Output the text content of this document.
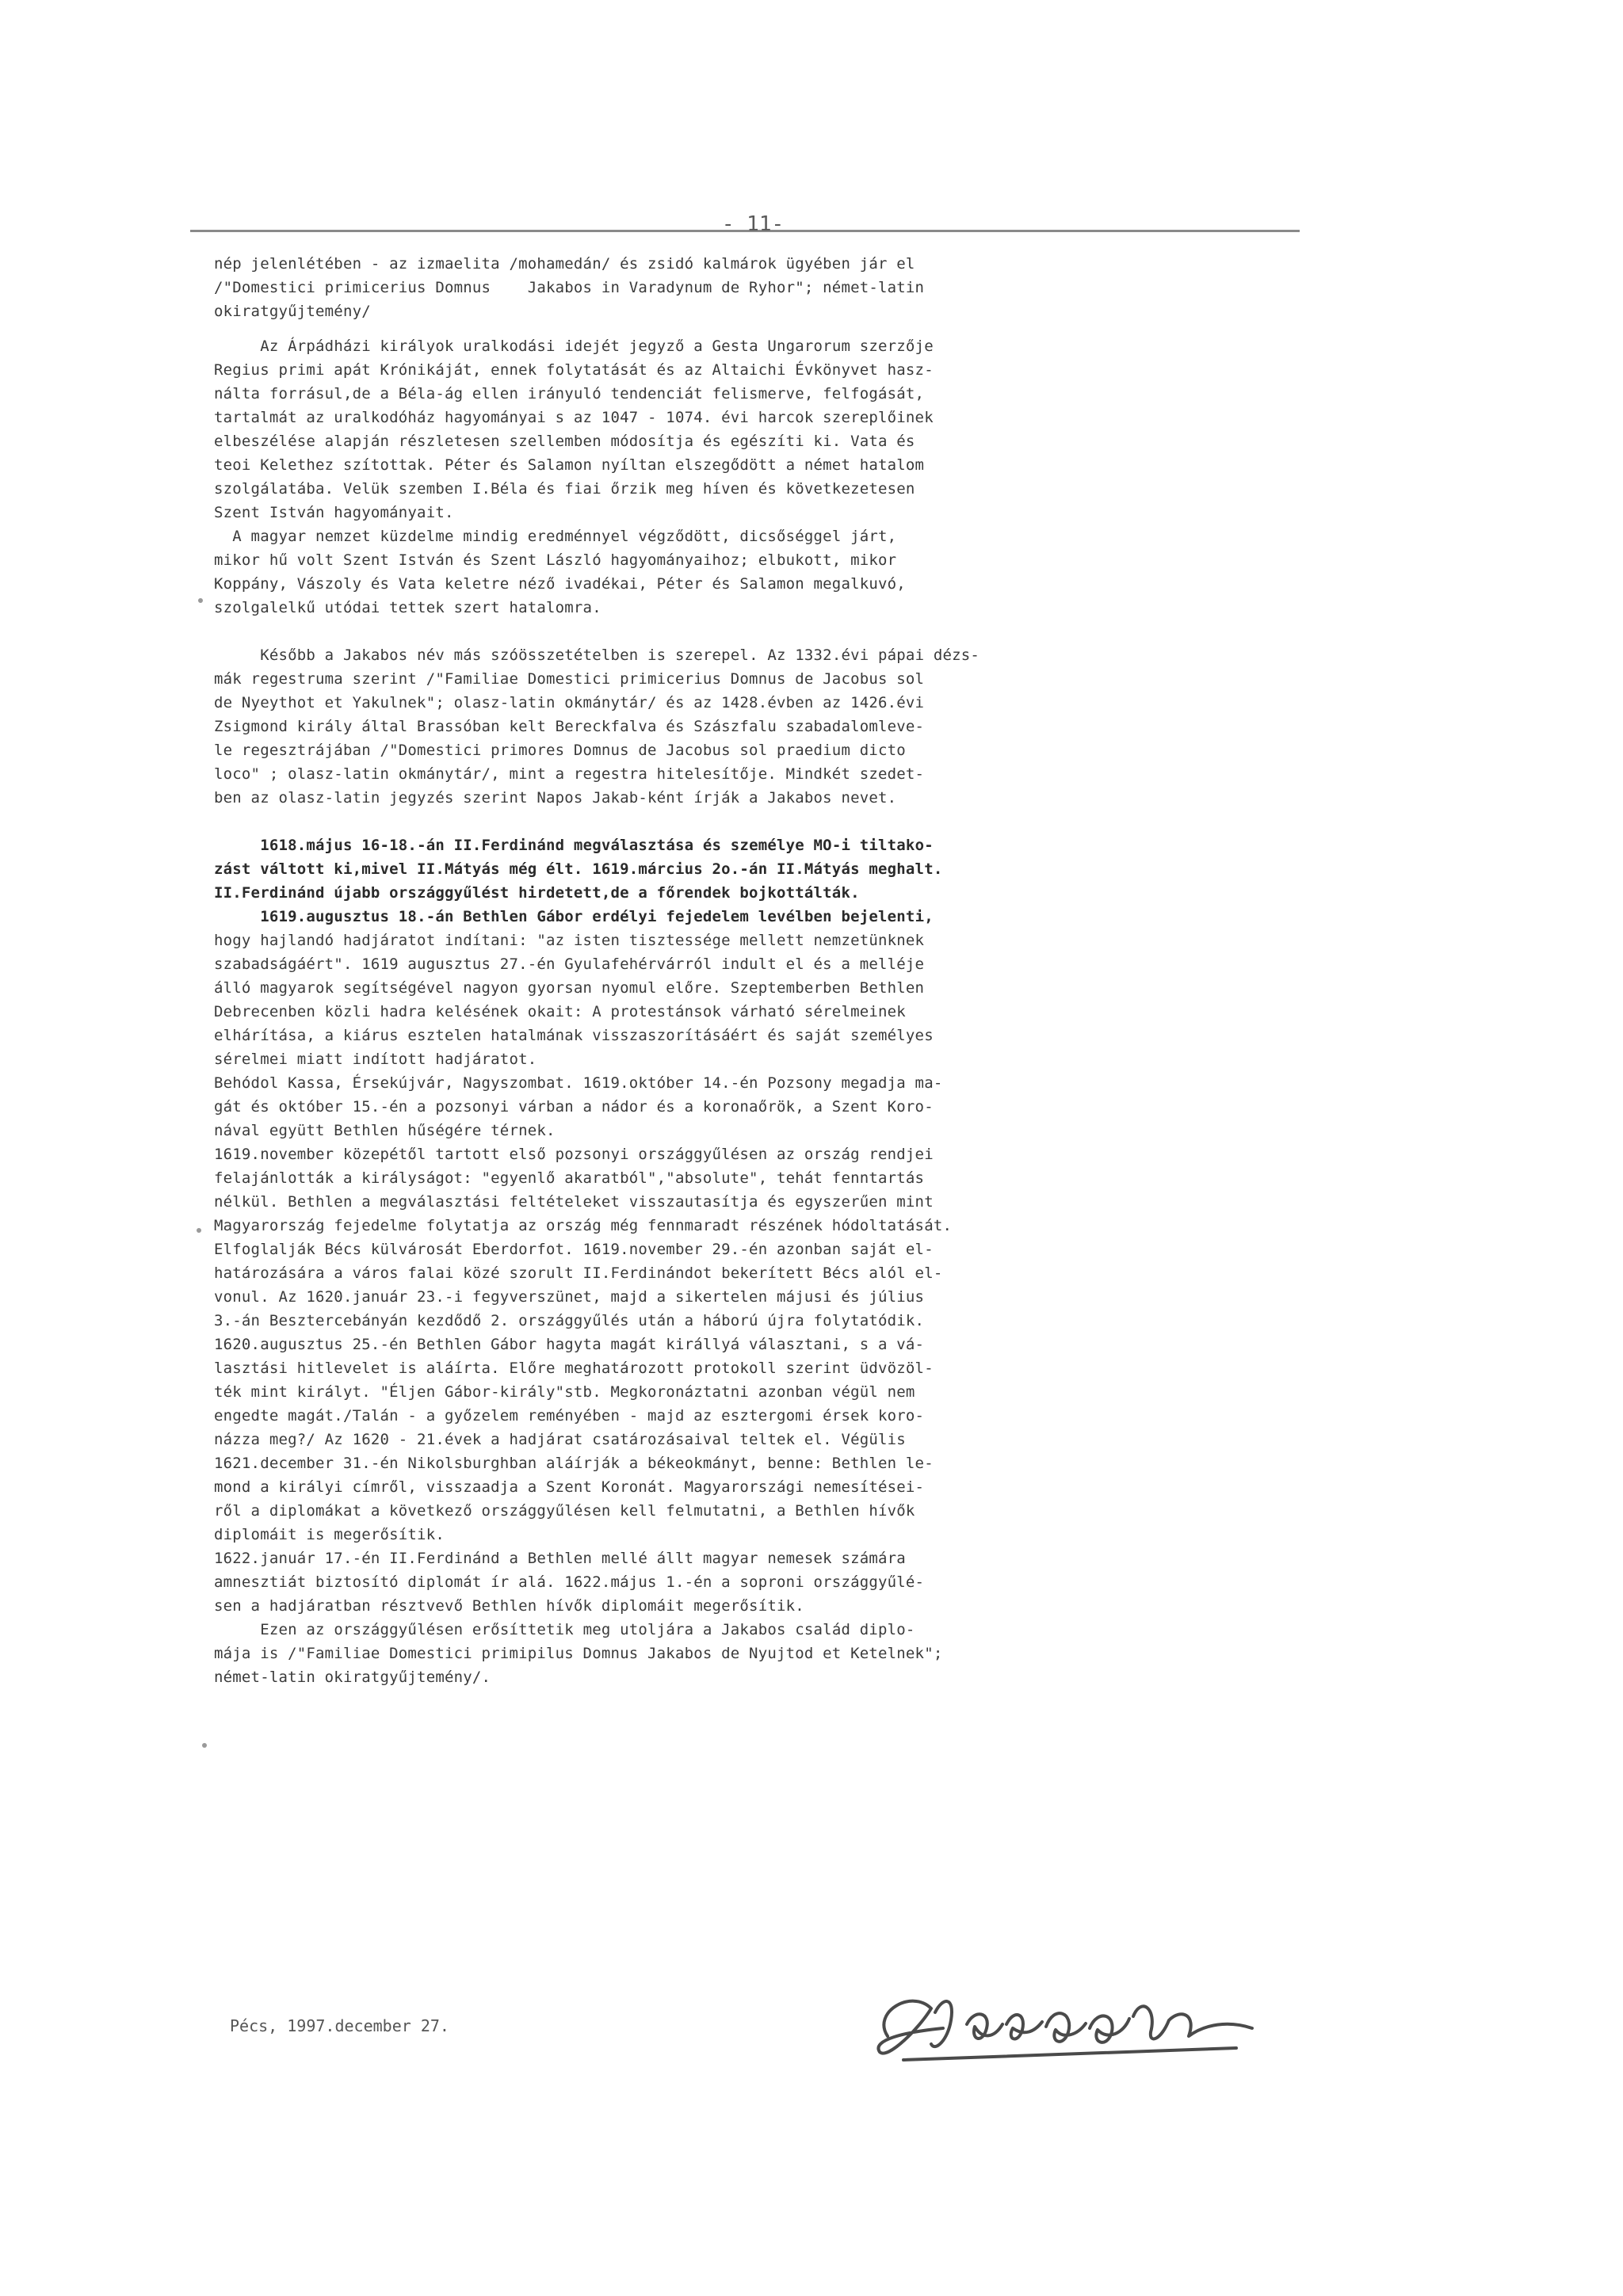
- 11-

nép jelenlétében - az izmaelita /mohamedán/ és zsidó kalmárok ügyében jár el

/"Domestici primicerius Domnus    Jakabos in Varadynum de Ryhor"; német-latin

okiratgyűjtemény/

Az Árpádházi királyok uralkodási idejét jegyző a Gesta Ungarorum szerzője

Regius primi apát Krónikáját, ennek folytatását és az Altaichi Évkönyvet hasz-

nálta forrásul,de a Béla-ág ellen irányuló tendenciát felismerve, felfogását,

tartalmát az uralkodóház hagyományai s az 1047 - 1074. évi harcok szereplőinek

elbeszélése alapján részletesen szellemben módosítja és egészíti ki. Vata és

teoi Kelethez szítottak. Péter és Salamon nyíltan elszegődött a német hatalom

szolgálatába. Velük szemben I.Béla és fiai őrzik meg híven és következetesen

Szent István hagyományait.

A magyar nemzet küzdelme mindig eredménnyel végződött, dicsőséggel járt,

mikor hű volt Szent István és Szent László hagyományaihoz; elbukott, mikor

Koppány, Vászoly és Vata keletre néző ivadékai, Péter és Salamon megalkuvó,

szolgalelkű utódai tettek szert hatalomra.

Később a Jakabos név más szóösszetételben is szerepel. Az 1332.évi pápai dézs-

mák regestruma szerint /"Familiae Domestici primicerius Domnus de Jacobus sol

de Nyeythot et Yakulnek"; olasz-latin okmánytár/ és az 1428.évben az 1426.évi

Zsigmond király által Brassóban kelt Bereckfalva és Szászfalu szabadalomleve-

le regesztrájában /"Domestici primores Domnus de Jacobus sol praedium dicto

loco" ; olasz-latin okmánytár/, mint a regestra hitelesítője. Mindkét szedet-

ben az olasz-latin jegyzés szerint Napos Jakab-ként írják a Jakabos nevet.

1618.május 16-18.-án II.Ferdinánd megválasztása és személye MO-i tiltako-

zást váltott ki,mivel II.Mátyás még élt. 1619.március 2o.-án II.Mátyás meghalt.

II.Ferdinánd újabb országgyűlést hirdetett,de a főrendek bojkottálták.

1619.augusztus 18.-án Bethlen Gábor erdélyi fejedelem levélben bejelenti,

hogy hajlandó hadjáratot indítani: "az isten tisztessége mellett nemzetünknek

szabadságáért". 1619 augusztus 27.-én Gyulafehérvárról indult el és a melléje

álló magyarok segítségével nagyon gyorsan nyomul előre. Szeptemberben Bethlen

Debrecenben közli hadra kelésének okait: A protestánsok várható sérelmeinek

elhárítása, a kiárus esztelen hatalmának visszaszorításáért és saját személyes

sérelmei miatt indított hadjáratot.

Behódol Kassa, Érsekújvár, Nagyszombat. 1619.október 14.-én Pozsony megadja ma-

gát és október 15.-én a pozsonyi várban a nádor és a koronaőrök, a Szent Koro-

nával együtt Bethlen hűségére térnek.

1619.november közepétől tartott első pozsonyi országgyűlésen az ország rendjei

felajánlották a királyságot: "egyenlő akaratból","absolute", tehát fenntartás

nélkül. Bethlen a megválasztási feltételeket visszautasítja és egyszerűen mint

Magyarország fejedelme folytatja az ország még fennmaradt részének hódoltatását.

Elfoglalják Bécs külvárosát Eberdorfot. 1619.november 29.-én azonban saját el-

határozására a város falai közé szorult II.Ferdinándot bekerített Bécs alól el-

vonul. Az 1620.január 23.-i fegyverszünet, majd a sikertelen májusi és július

3.-án Besztercebányán kezdődő 2. országgyűlés után a háború újra folytatódik.

1620.augusztus 25.-én Bethlen Gábor hagyta magát királlyá választani, s a vá-

lasztási hitlevelet is aláírta. Előre meghatározott protokoll szerint üdvözöl-

ték mint királyt. "Éljen Gábor-király"stb. Megkoronáztatni azonban végül nem

engedte magát./Talán - a győzelem reményében - majd az esztergomi érsek koro-

názza meg?/ Az 1620 - 21.évek a hadjárat csatározásaival teltek el. Végülis

1621.december 31.-én Nikolsburghban aláírják a békeokmányt, benne: Bethlen le-

mond a királyi címről, visszaadja a Szent Koronát. Magyarországi nemesítései-

ről a diplomákat a következő országgyűlésen kell felmutatni, a Bethlen hívők

diplomáit is megerősítik.

1622.január 17.-én II.Ferdinánd a Bethlen mellé állt magyar nemesek számára

amnesztiát biztosító diplomát ír alá. 1622.május 1.-én a soproni országgyűlé-

sen a hadjáratban résztvevő Bethlen hívők diplomáit megerősítik.

Ezen az országgyűlésen erősíttetik meg utoljára a Jakabos család diplo-

mája is /"Familiae Domestici primipilus Domnus Jakabos de Nyujtod et Ketelnek";

német-latin okiratgyűjtemény/.

Pécs, 1997.december 27.
